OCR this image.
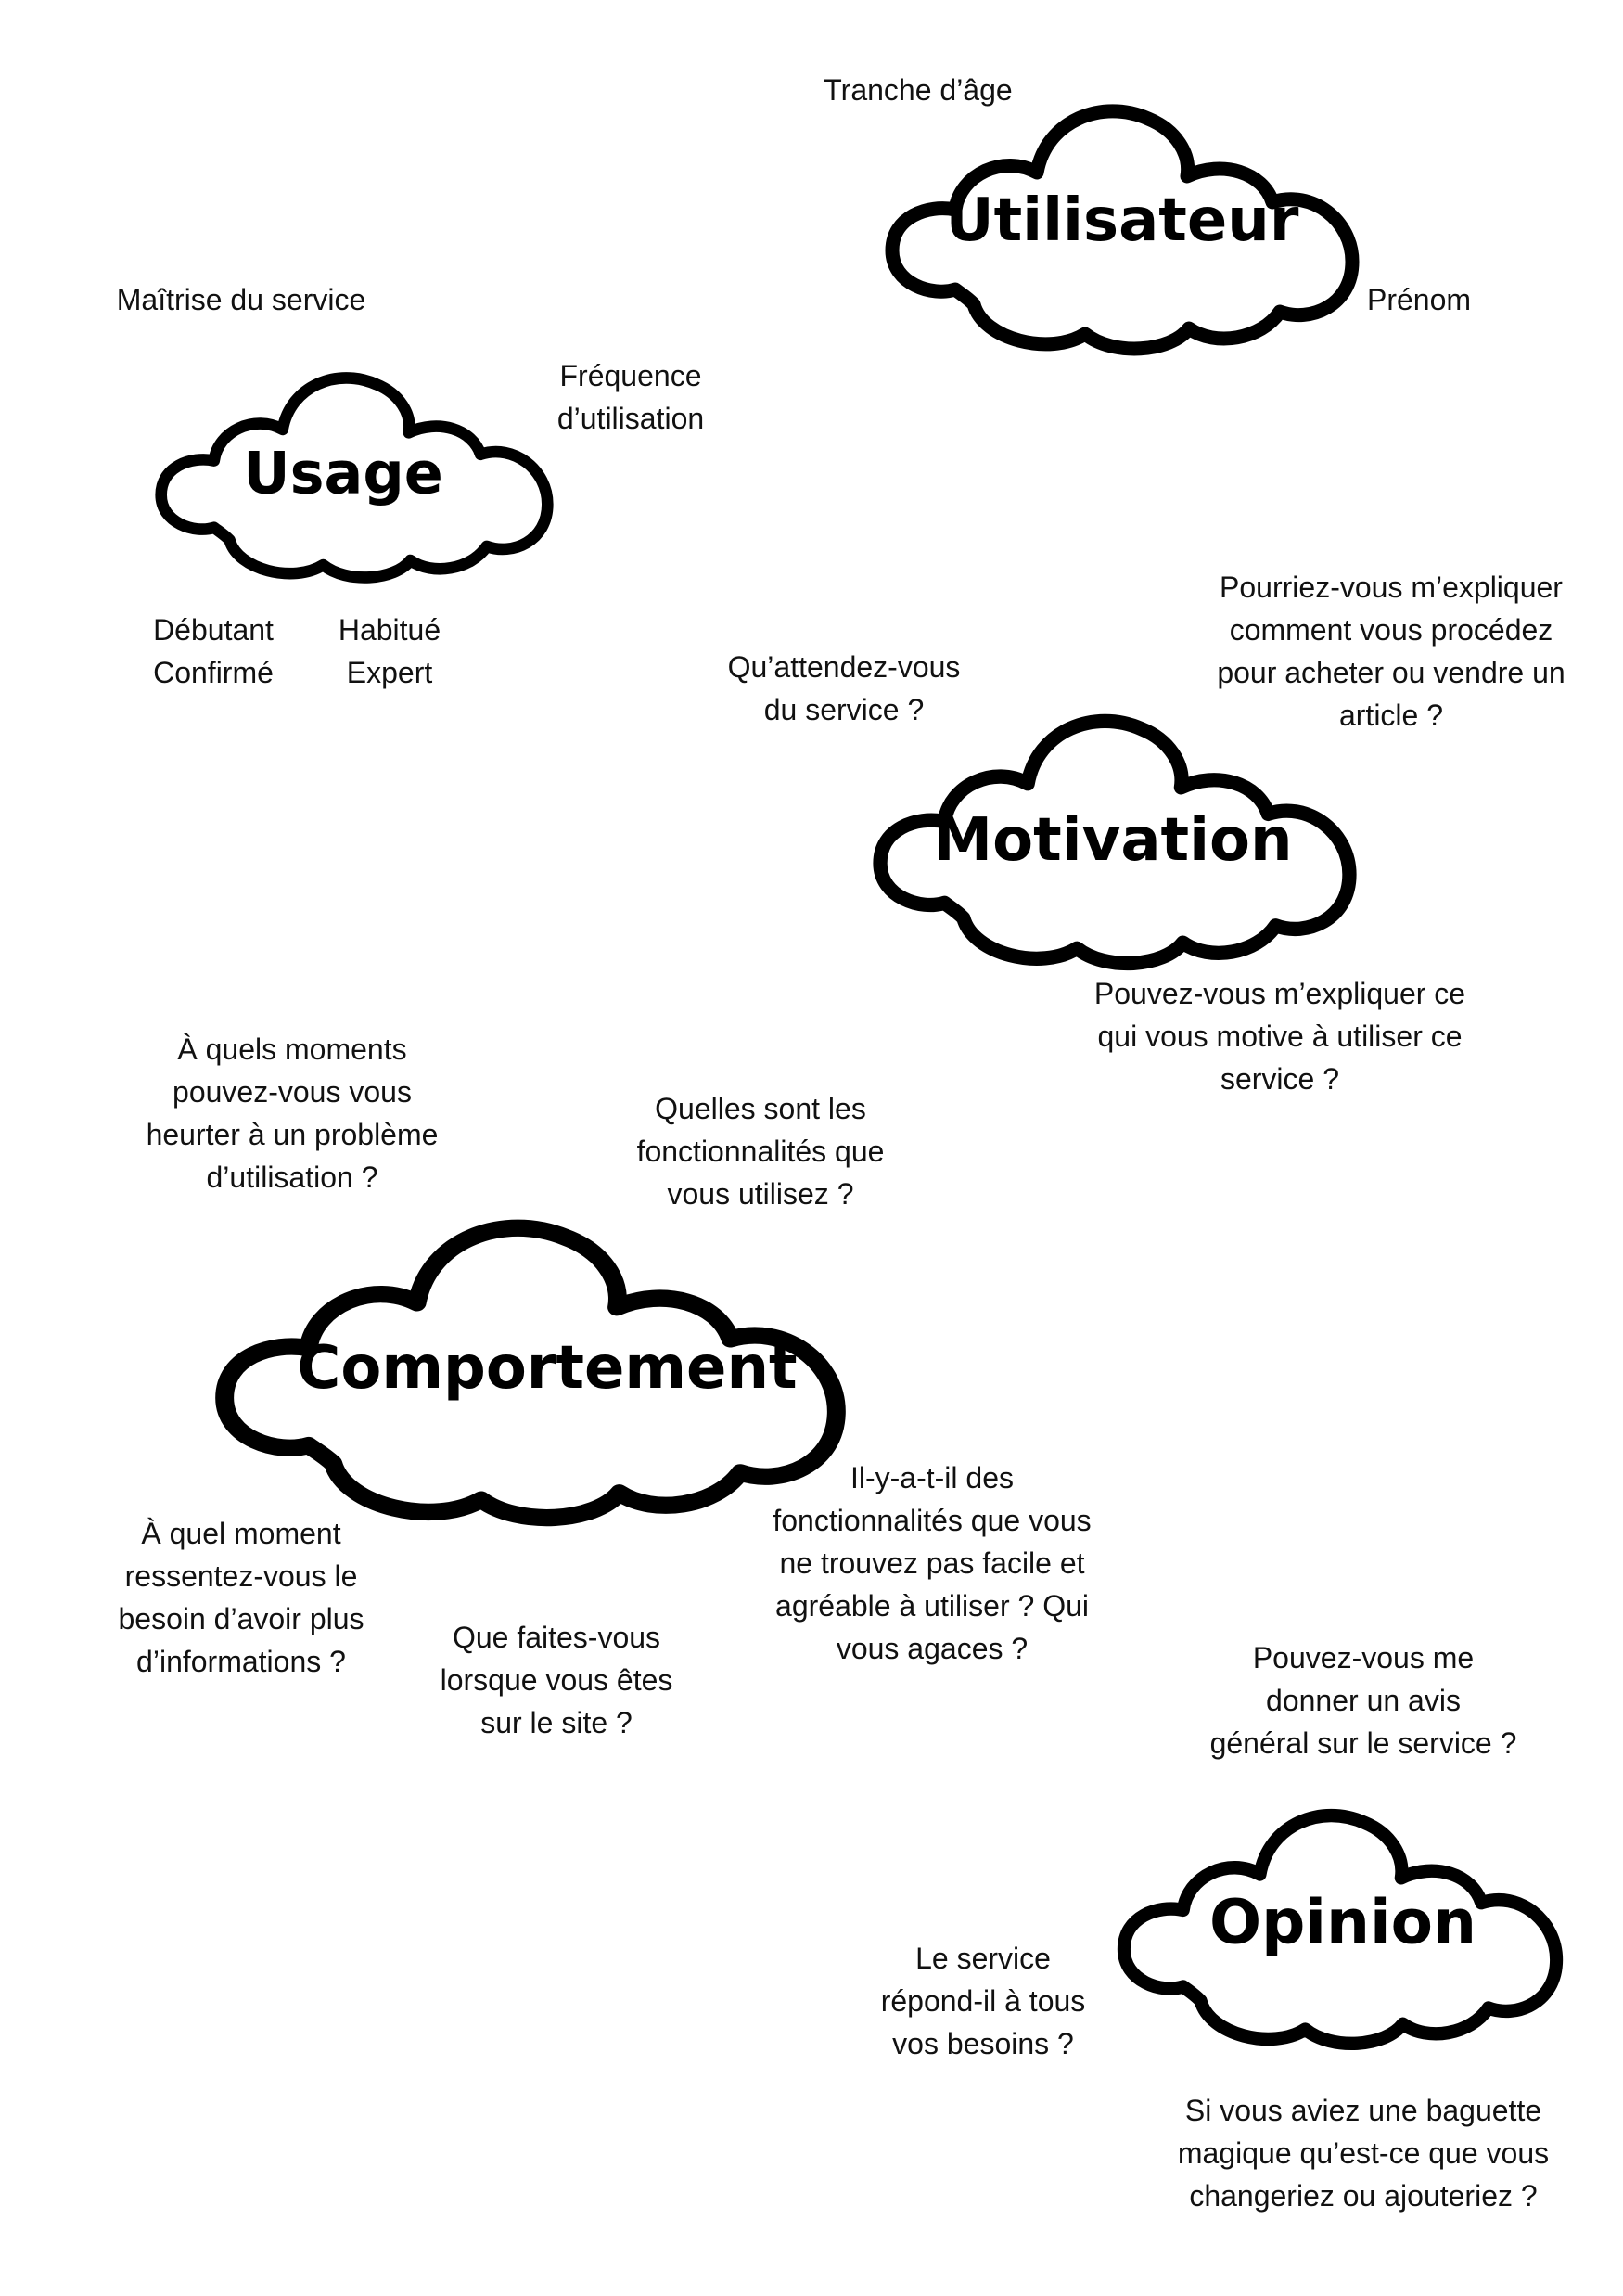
Utilisateur
Usage
Motivation
Comportement
Opinion
Tranche d’âge
Prénom
Maîtrise du service
Fréquence
d’utilisation
Débutant
Confirmé
Habitué
Expert	Qu’attendez-vous
du service ?
Pourriez-vous m’expliquer
comment vous procédez
pour acheter ou vendre un
article ?
Pouvez-vous m’expliquer ce
qui vous motive à utiliser ce
service ?
À quels moments
pouvez-vous vous
heurter à un problème
d’utilisation ?
Quelles sont les
fonctionnalités que
vous utilisez ?
Il-y-a-t-il des
fonctionnalités que vous
ne trouvez pas facile et
agréable à utiliser ? Qui
vous agaces ?
À quel moment
ressentez-vous le
besoin d’avoir plus
d’informations ?
Que faites-vous
lorsque vous êtes
sur le site ?
Pouvez-vous me
donner un avis
général sur le service ?
Le service
répond-il à tous
vos besoins ?
Si vous aviez une baguette
magique qu’est-ce que vous
changeriez ou ajouteriez ?
